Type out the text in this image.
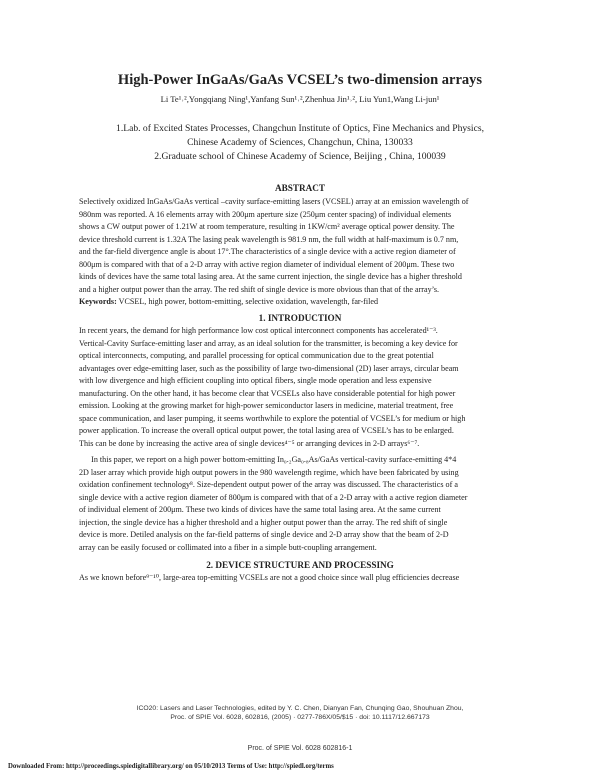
High-Power InGaAs/GaAs VCSEL’s two-dimension arrays
Li Te¹˒²,Yongqiang Ning¹,Yanfang Sun¹˒²,Zhenhua Jin¹˒², Liu Yun1,Wang Li-jun¹
1.Lab. of Excited States Processes, Changchun Institute of Optics, Fine Mechanics and Physics,
Chinese Academy of Sciences, Changchun, China, 130033
2.Graduate school of Chinese Academy of Science, Beijing , China, 100039
ABSTRACT
Selectively oxidized InGaAs/GaAs vertical –cavity surface-emitting lasers (VCSEL) array at an emission wavelength of
980nm was reported. A 16 elements array with 200μm aperture size (250μm center spacing) of individual elements
shows a CW output power of 1.21W at room temperature, resulting in 1KW/cm² average optical power density. The
device threshold current is 1.32A The lasing peak wavelength is 981.9 nm, the full width at half-maximum is 0.7 nm,
and the far-field divergence angle is about 17°.The characteristics of a single device with a active region diameter of
800μm is compared with that of a 2-D array with active region diameter of individual element of 200μm. These two
kinds of devices have the same total lasing area. At the same current injection, the single device has a higher threshold
and a higher output power than the array. The red shift of single device is more obvious than that of the array’s.
Keywords: VCSEL, high power, bottom-emitting, selective oxidation, wavelength, far-filed
1. INTRODUCTION
In recent years, the demand for high performance low cost optical interconnect components has accelerated¹⁻³.
Vertical-Cavity Surface-emitting laser and array, as an ideal solution for the transmitter, is becoming a key device for
optical interconnects, computing, and parallel processing for optical communication due to the great potential
advantages over edge-emitting laser, such as the possibility of large two-dimensional (2D) laser arrays, circular beam
with low divergence and high efficient coupling into optical fibers, single mode operation and less expensive
manufacturing. On the other hand, it has become clear that VCSELs also have considerable potential for high power
emission. Looking at the growing market for high-power semiconductor lasers in medicine, material treatment, free
space communication, and laser pumping, it seems worthwhile to explore the potential of VCSEL’s for medium or high
power application. To increase the overall optical output power, the total lasing area of VCSEL’s has to be enlarged.
This can be done by increasing the active area of single devices⁴⁻⁵ or arranging devices in 2-D arrays⁶⁻⁷.
In this paper, we report on a high power bottom-emitting In₀.₂Ga₀.₈As/GaAs vertical-cavity surface-emitting 4*4
2D laser array which provide high output powers in the 980 wavelength regime, which have been fabricated by using
oxidation confinement technology⁸. Size-dependent output power of the array was discussed. The characteristics of a
single device with a active region diameter of 800μm is compared with that of a 2-D array with a active region diameter
of individual element of 200μm. These two kinds of divices have the same total lasing area. At the same current
injection, the single device has a higher threshold and a higher output power than the array. The red shift of single
device is more. Detiled analysis on the far-field patterns of single device and 2-D array show that the beam of 2-D
array can be easily focused or collimated into a fiber in a simple butt-coupling arrangement.
2. DEVICE STRUCTURE AND PROCESSING
As we known before⁹⁻¹⁰, large-area top-emitting VCSELs are not a good choice since wall plug efficiencies decrease
ICO20: Lasers and Laser Technologies, edited by Y. C. Chen, Dianyan Fan, Chunqing Gao, Shouhuan Zhou,
Proc. of SPIE Vol. 6028, 602816, (2005) · 0277-786X/05/$15 · doi: 10.1117/12.667173
Proc. of SPIE Vol. 6028 602816-1
Downloaded From: http://proceedings.spiedigitallibrary.org/ on 05/10/2013 Terms of Use: http://spiedl.org/terms
